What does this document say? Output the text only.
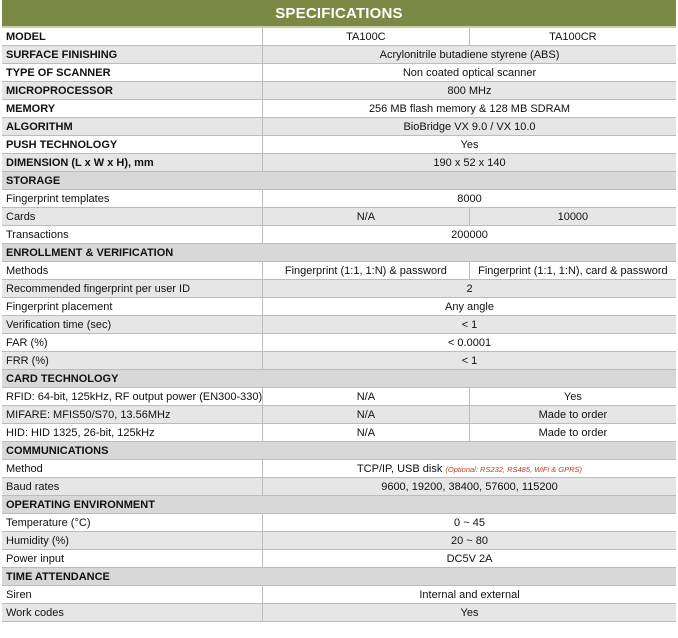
SPECIFICATIONS
MODEL	TA100C	TA100CR
SURFACE FINISHING	Acrylonitrile butadiene styrene (ABS)	
TYPE OF SCANNER	Non coated optical scanner	
MICROPROCESSOR	800 MHz	
MEMORY	256 MB flash memory & 128 MB SDRAM	
ALGORITHM	BioBridge VX 9.0 / VX 10.0	
PUSH TECHNOLOGY	Yes	
DIMENSION (L x W x H), mm	190 x 52 x 140	
STORAGE		
Fingerprint templates	8000	
Cards	N/A	10000
Transactions	200000	
ENROLLMENT & VERIFICATION		
Methods	Fingerprint (1:1, 1:N) & password	Fingerprint (1:1, 1:N), card & password
Recommended fingerprint per user ID	2	
Fingerprint placement	Any angle	
Verification time (sec)	< 1	
FAR (%)	< 0.0001	
FRR (%)	< 1	
CARD TECHNOLOGY		
RFID: 64-bit, 125kHz, RF output power (EN300-330)	N/A	Yes
MIFARE: MFIS50/S70, 13.56MHz	N/A	Made to order
HID: HID 1325, 26-bit, 125kHz	N/A	Made to order
COMMUNICATIONS		
Method	TCP/IP, USB disk (Optional: RS232, RS485, WiFi & GPRS)	
Baud rates	9600, 19200, 38400, 57600, 115200	
OPERATING ENVIRONMENT		
Temperature (°C)	0 ~ 45	
Humidity (%)	20 ~ 80	
Power input	DC5V 2A	
TIME ATTENDANCE		
Siren	Internal and external	
Work codes	Yes	
